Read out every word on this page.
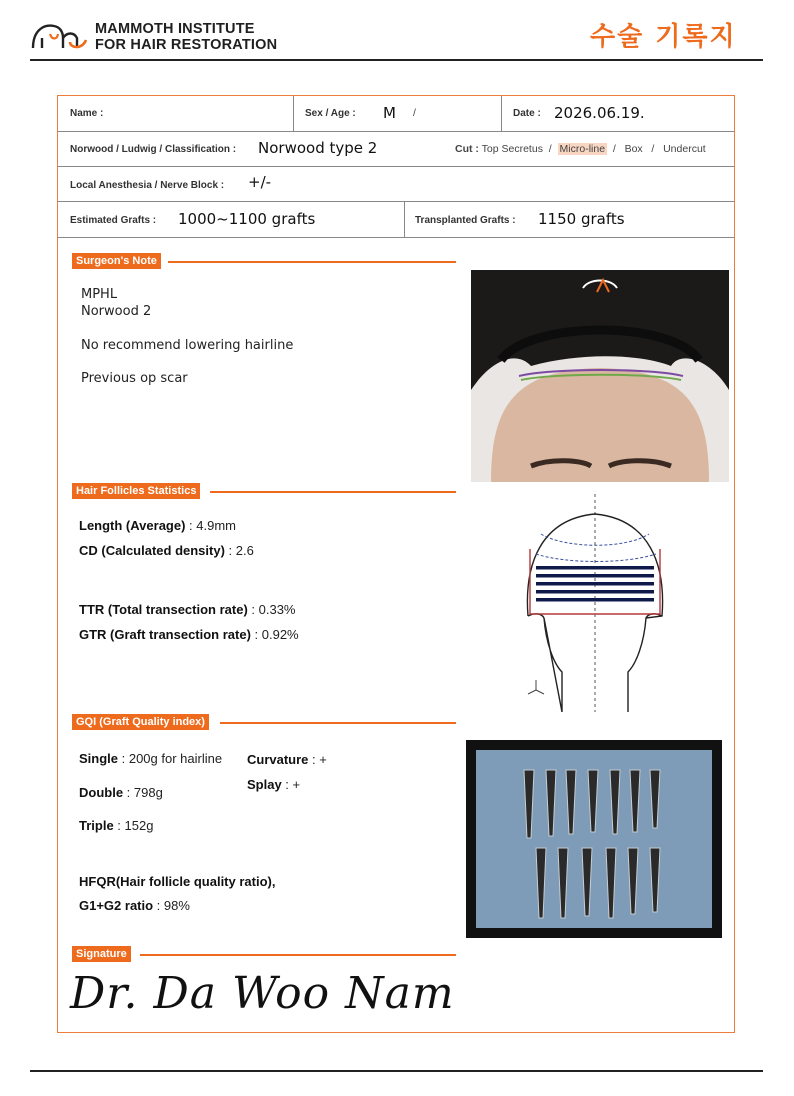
MAMMOTH INSTITUTE
FOR HAIR RESTORATION	수술 기록지
Name :	Sex / Age : M /	Date : 2026.06.19.
Norwood / Ludwig / Classification : Norwood type 2	Cut : Top Secretus  /  Micro-line  /   Box   /   Undercut
Local Anesthesia / Nerve Block : +/-
Estimated Grafts : 1000~1100 grafts	Transplanted Grafts : 1150 grafts
Surgeon's Note
MPHL
Norwood 2
No recommend lowering hairline
Previous op scar
Hair Follicles Statistics
Length (Average) : 4.9mm
CD (Calculated density) : 2.6
TTR (Total transection rate) : 0.33%
GTR (Graft transection rate) : 0.92%
GQI (Graft Quality index)
Single : 200g for hairline Curvature : +
Splay : +
Double : 798g
Triple : 152g
HFQR(Hair follicle quality ratio),
G1+G2 ratio : 98%
Signature
Dr. Da Woo Nam
